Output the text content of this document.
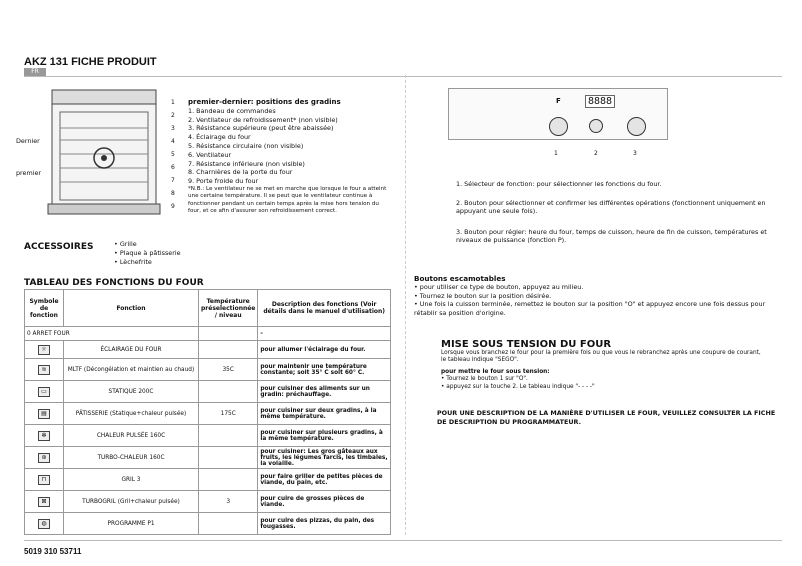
AKZ 131 FICHE PRODUIT
FR
Dernier
premier
1
2
3
4
5
6
7
8
9
premier-dernier: positions des gradins
1. Bandeau de commandes
2. Ventilateur de refroidissement* (non visible)
3. Résistance supérieure (peut être abaissée)
4. Éclairage du four
5. Résistance circulaire (non visible)
6. Ventilateur
7. Résistance inférieure (non visible)
8. Charnières de la porte du four
9. Porte froide du four
*N.B.: Le ventilateur ne se met en marche que lorsque le four a atteint une certaine température. Il se peut que le ventilateur continue à fonctionner pendant un certain temps après la mise hors tension du four, et ce afin d'assurer son refroidissement correct.
ACCESSOIRES	• Grille
• Plaque à pâtisserie
• Lèchefrite
TABLEAU DES FONCTIONS DU FOUR
Symbole de fonction	Fonction	Température préselectionnée / niveau	Description des fonctions (Voir détails dans le manuel d'utilisation)
0 ARRET FOUR			-
☼	ÉCLAIRAGE DU FOUR		pour allumer l'éclairage du four.
≋	MLTF (Décongélation et maintien au chaud)	35C	pour maintenir une température constante; soit 35° C soit 60° C.
▭	STATIQUE 200C		pour cuisiner des aliments sur un gradin: préchauffage.
▤	PÂTISSERIE (Statique+chaleur pulsée)	175C	pour cuisiner sur deux gradins, à la même température.
✻	CHALEUR PULSÉE 160C		pour cuisiner sur plusieurs gradins, à la même température.
⊛	TURBO-CHALEUR 160C		pour cuisiner: Les gros gâteaux aux fruits, les légumes farcis, les timbales, la volaille.
⊓	GRIL 3		pour faire griller de petites pièces de viande, du pain, etc.
⊠	TURBOGRIL (Gril+chaleur pulsée)	3	pour cuire de grosses pièces de viande.
◍	PROGRAMME P1		pour cuire des pizzas, du pain, des fougasses.
5019 310 53711
F	8888
1	2	3
1. Sélecteur de fonction: pour sélectionner les fonctions du four.
2. Bouton pour sélectionner et confirmer les différentes opérations (fonctionnent uniquement en appuyant une seule fois).
3. Bouton pour régler: heure du four, temps de cuisson, heure de fin de cuisson, températures et niveaux de puissance (fonction P).
Boutons escamotables
• pour utiliser ce type de bouton, appuyez au milieu.
• Tournez le bouton sur la position désirée.
• Une fois la cuisson terminée, remettez le bouton sur la position "O" et appuyez encore une fois dessus pour rétablir sa position d'origine.
MISE SOUS TENSION DU FOUR
Lorsque vous branchez le four pour la première fois ou que vous le rebranchez après une coupure de courant, le tableau indique "SEGO".
pour mettre le four sous tension:
• Tournez le bouton 1 sur "O".
• appuyez sur la touche 2. Le tableau indique "- - - -"
POUR UNE DESCRIPTION DE LA MANIÈRE D'UTILISER LE FOUR, VEUILLEZ CONSULTER LA FICHE DE DESCRIPTION DU PROGRAMMATEUR.
